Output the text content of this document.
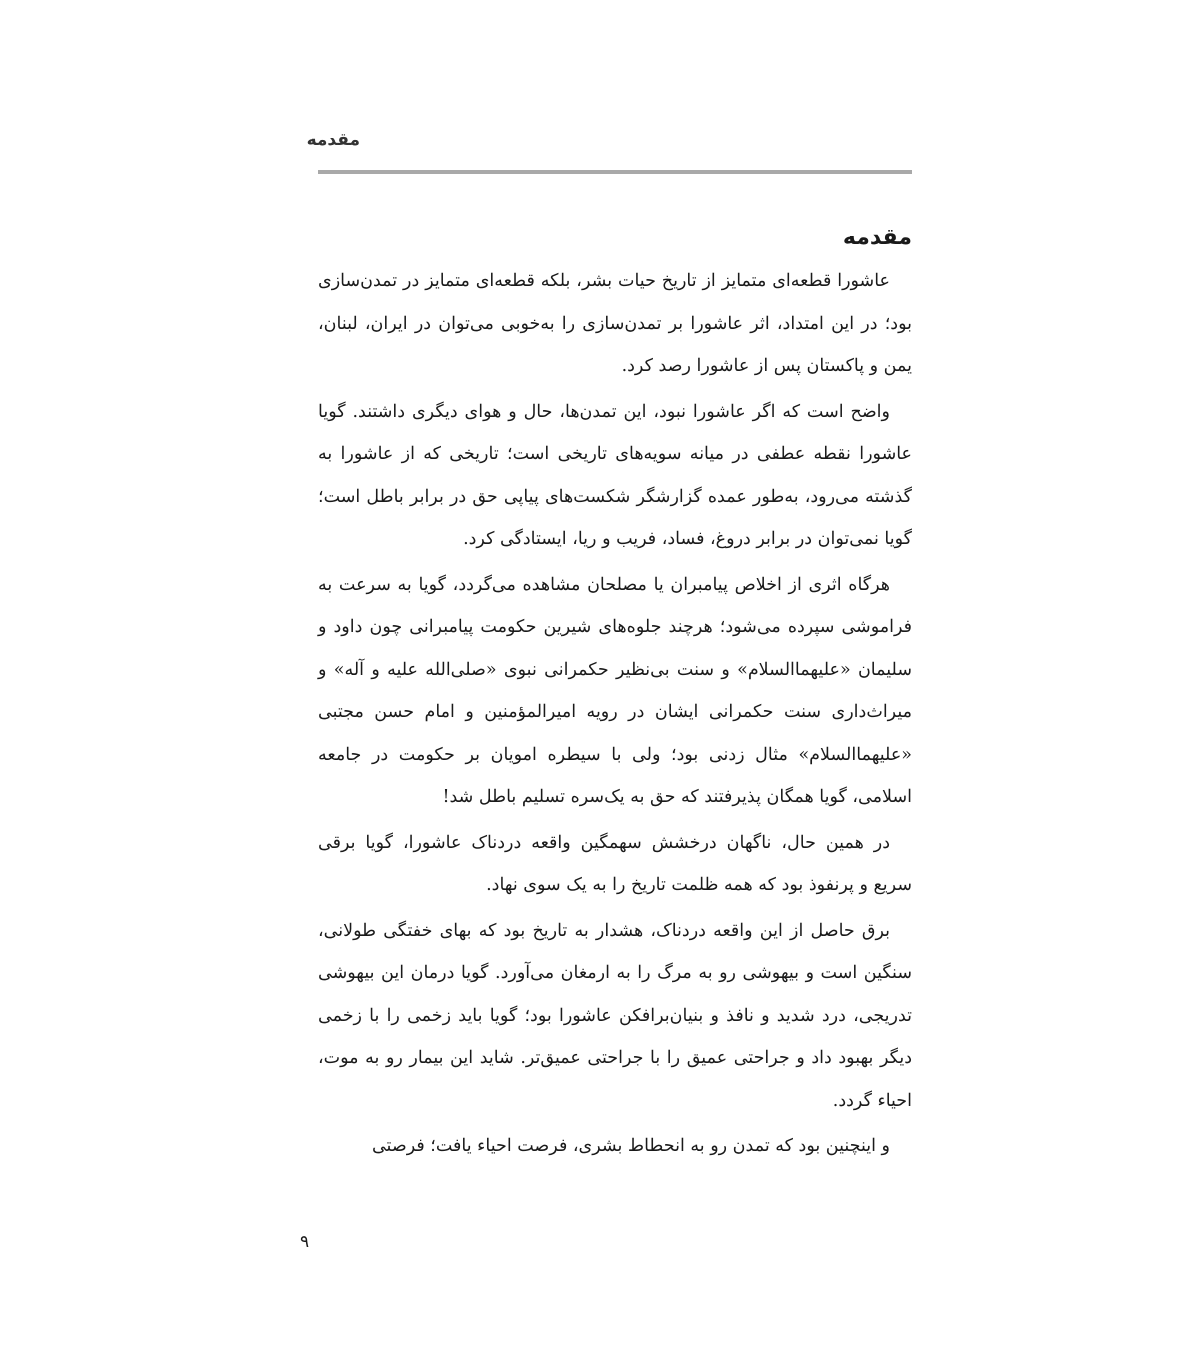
مقدمه
مقدمه

عاشورا قطعه‌ای متمایز از تاریخ حیات بشر، بلکه قطعه‌ای متمایز در تمدن‌سازی بود؛ در این امتداد، اثر عاشورا بر تمدن‌سازی را به‌خوبی می‌توان در ایران، لبنان، یمن و پاکستان پس از عاشورا رصد کرد.

واضح است که اگر عاشورا نبود، این تمدن‌ها، حال و هوای دیگری داشتند. گویا عاشورا نقطه عطفی در میانه سویه‌های تاریخی است؛ تاریخی که از عاشورا به گذشته می‌رود، به‌طور عمده گزارشگر شکست‌های پیاپی حق در برابر باطل است؛ گویا نمی‌توان در برابر دروغ، فساد، فریب و ریا، ایستادگی کرد.

هرگاه اثری از اخلاص پیامبران یا مصلحان مشاهده می‌گردد، گویا به سرعت به فراموشی سپرده می‌شود؛ هرچند جلوه‌های شیرین حکومت پیامبرانی چون داود و سلیمان «علیهماالسلام» و سنت بی‌نظیر حکمرانی نبوی «صلی‌الله علیه و آله» و میراث‌داری سنت حکمرانی ایشان در رویه امیرالمؤمنین و امام حسن مجتبی «علیهماالسلام» مثال زدنی بود؛ ولی با سیطره امویان بر حکومت در جامعه اسلامی، گویا همگان پذیرفتند که حق به یک‌سره تسلیم باطل شد!

در همین حال، ناگهان درخشش سهمگین واقعه دردناک عاشورا، گویا برقی سریع و پرنفوذ بود که همه ظلمت تاریخ را به یک سوی نهاد.

برق حاصل از این واقعه دردناک، هشدار به تاریخ بود که بهای خفتگی طولانی، سنگین است و بیهوشی رو به مرگ را به ارمغان می‌آورد. گویا درمان این بیهوشی تدریجی، درد شدید و نافذ و بنیان‌برافکن عاشورا بود؛ گویا باید زخمی را با زخمی دیگر بهبود داد و جراحتی عمیق را با جراحتی عمیق‌تر. شاید این بیمار رو به موت، احیاء گردد.

و اینچنین بود که تمدن رو به انحطاط بشری، فرصت احیاء یافت؛ فرصتی

۹
